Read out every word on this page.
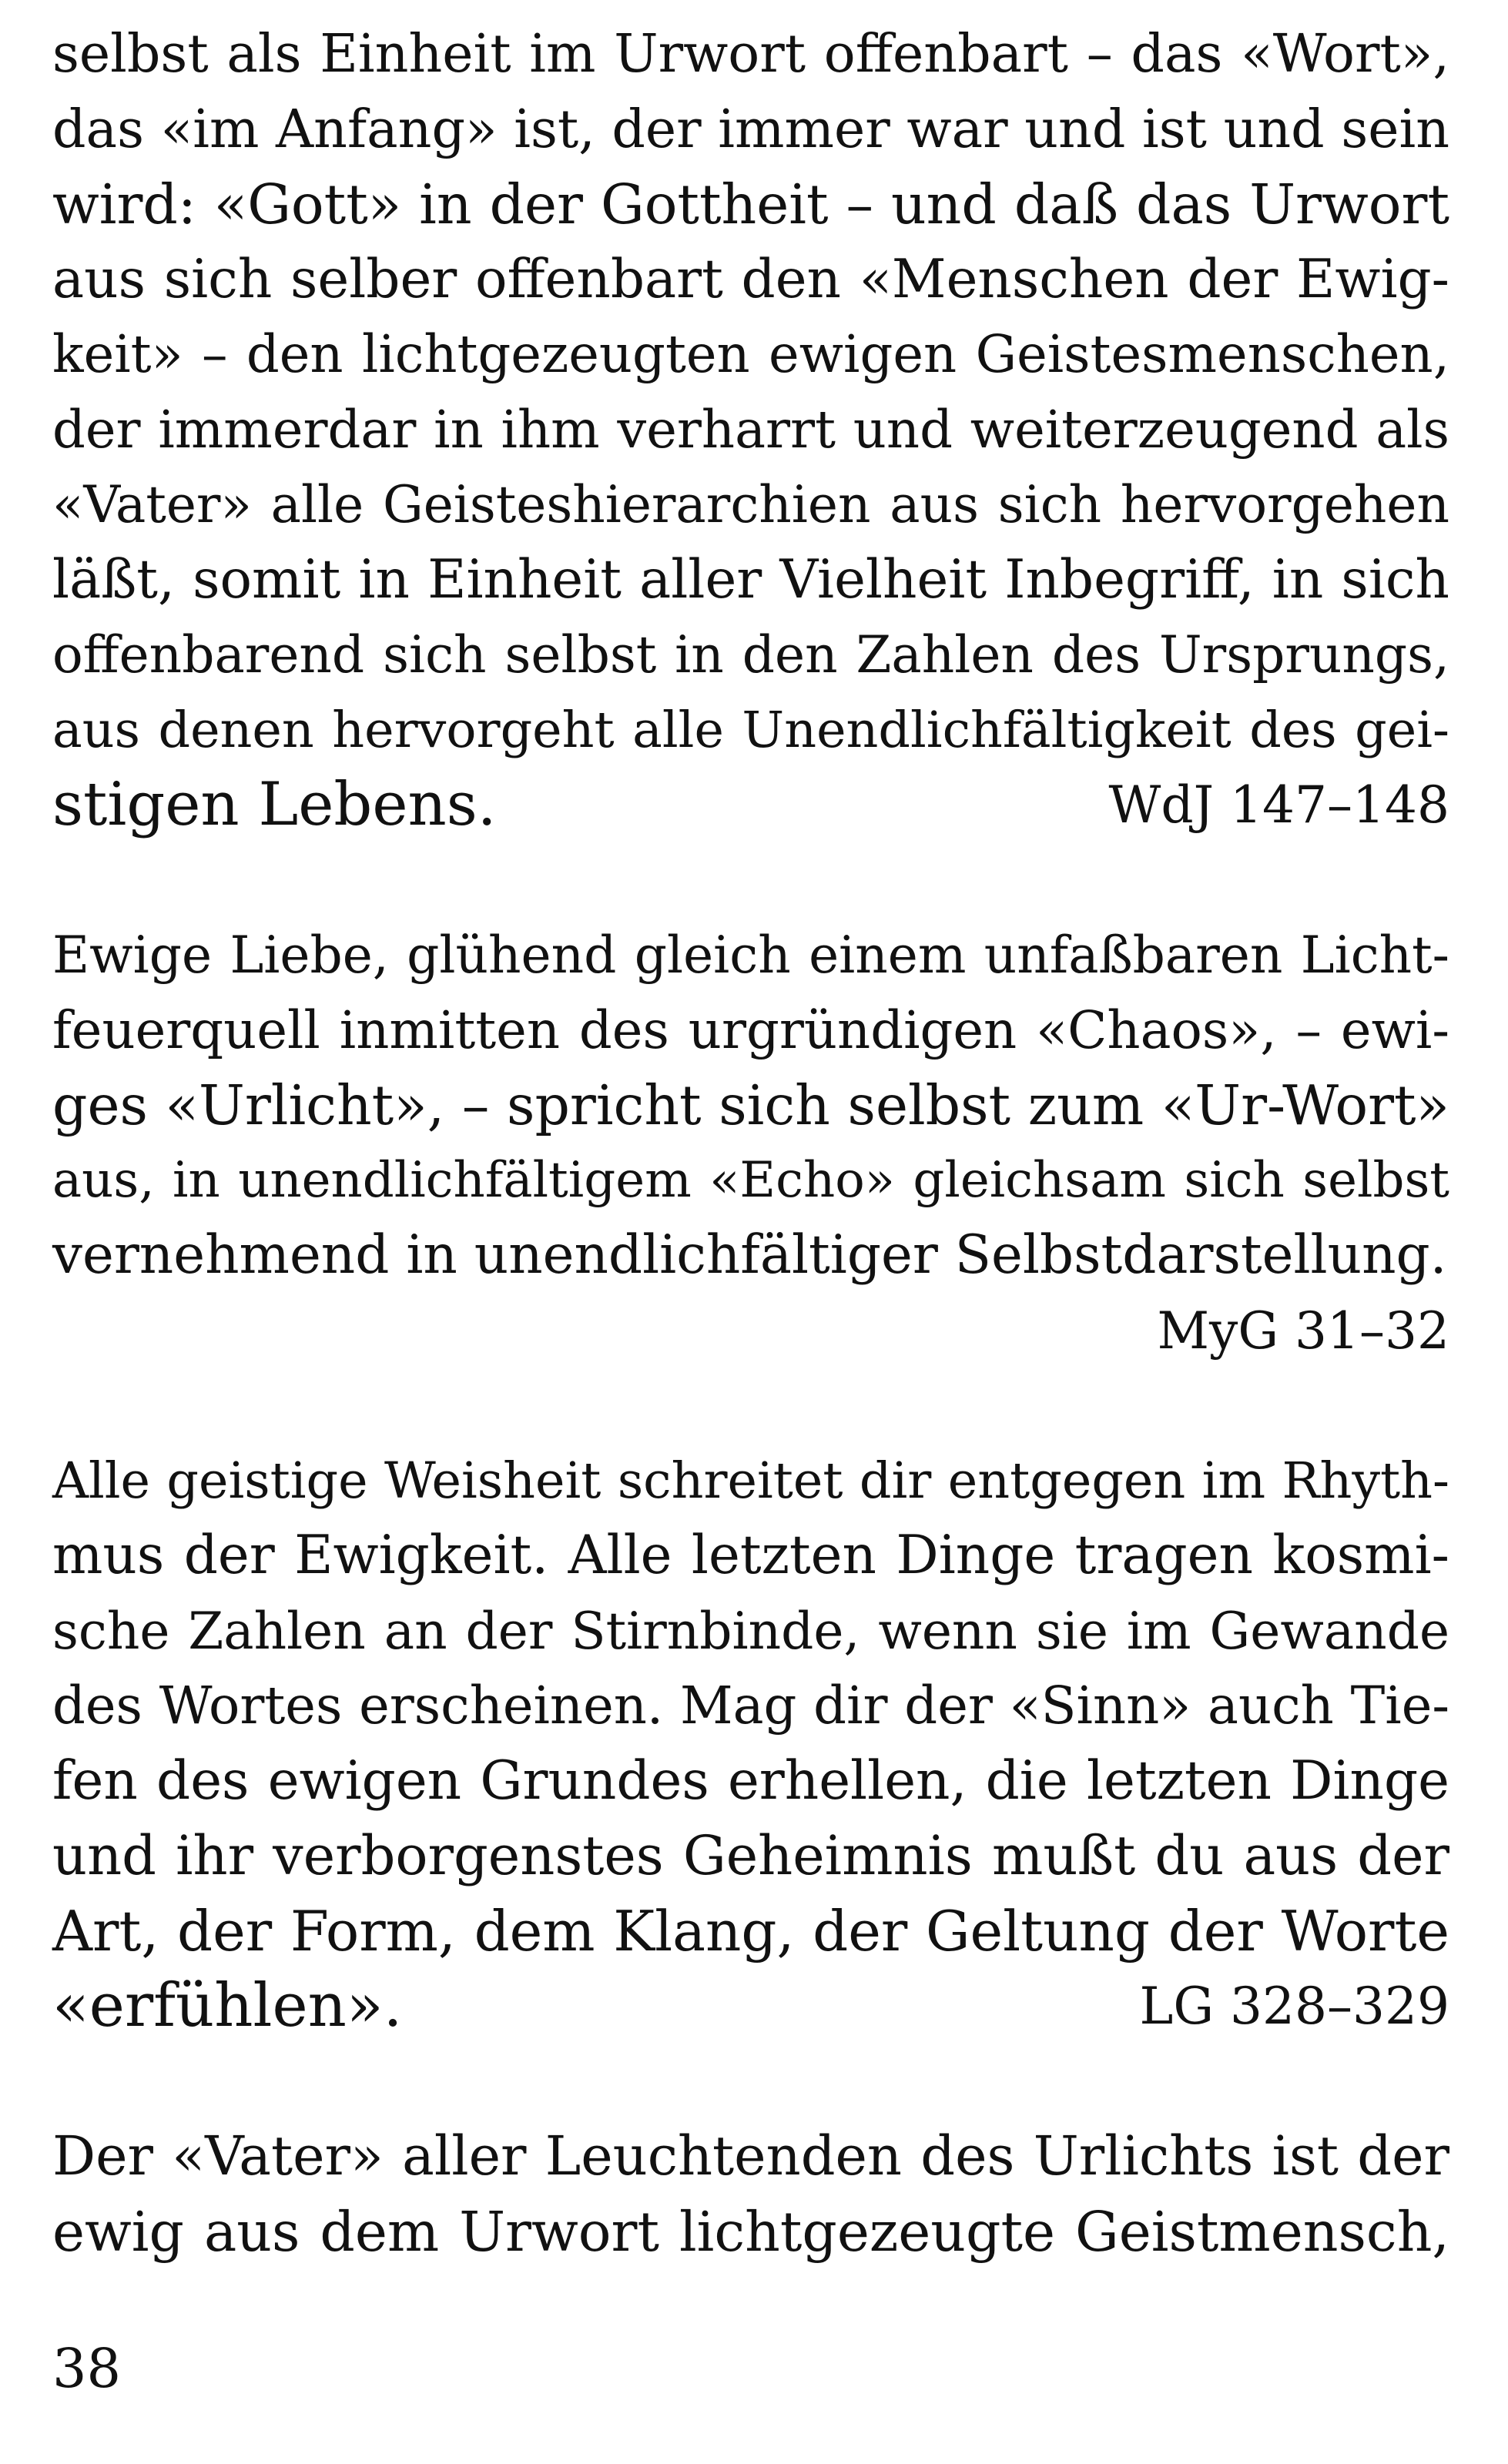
selbst als Einheit im Urwort offenbart – das «Wort»,
das «im Anfang» ist, der immer war und ist und sein
wird: «Gott» in der Gottheit – und daß das Urwort
aus sich selber offenbart den «Menschen der Ewig-
keit» – den lichtgezeugten ewigen Geistesmenschen,
der immerdar in ihm verharrt und weiterzeugend als
«Vater» alle Geisteshierarchien aus sich hervorgehen
läßt, somit in Einheit aller Vielheit Inbegriff, in sich
offenbarend sich selbst in den Zahlen des Ursprungs,
aus denen hervorgeht alle Unendlichfältigkeit des gei-
stigen Lebens.	WdJ 147–148
Ewige Liebe, glühend gleich einem unfaßbaren Licht-
feuerquell inmitten des urgründigen «Chaos», – ewi-
ges «Urlicht», – spricht sich selbst zum «Ur-Wort»
aus, in unendlichfältigem «Echo» gleichsam sich selbst
vernehmend in unendlichfältiger Selbstdarstellung.
MyG 31–32
Alle geistige Weisheit schreitet dir entgegen im Rhyth-
mus der Ewigkeit. Alle letzten Dinge tragen kosmi-
sche Zahlen an der Stirnbinde, wenn sie im Gewande
des Wortes erscheinen. Mag dir der «Sinn» auch Tie-
fen des ewigen Grundes erhellen, die letzten Dinge
und ihr verborgenstes Geheimnis mußt du aus der
Art, der Form, dem Klang, der Geltung der Worte
«erfühlen».	LG 328–329
Der «Vater» aller Leuchtenden des Urlichts ist der
ewig aus dem Urwort lichtgezeugte Geistmensch,
38
